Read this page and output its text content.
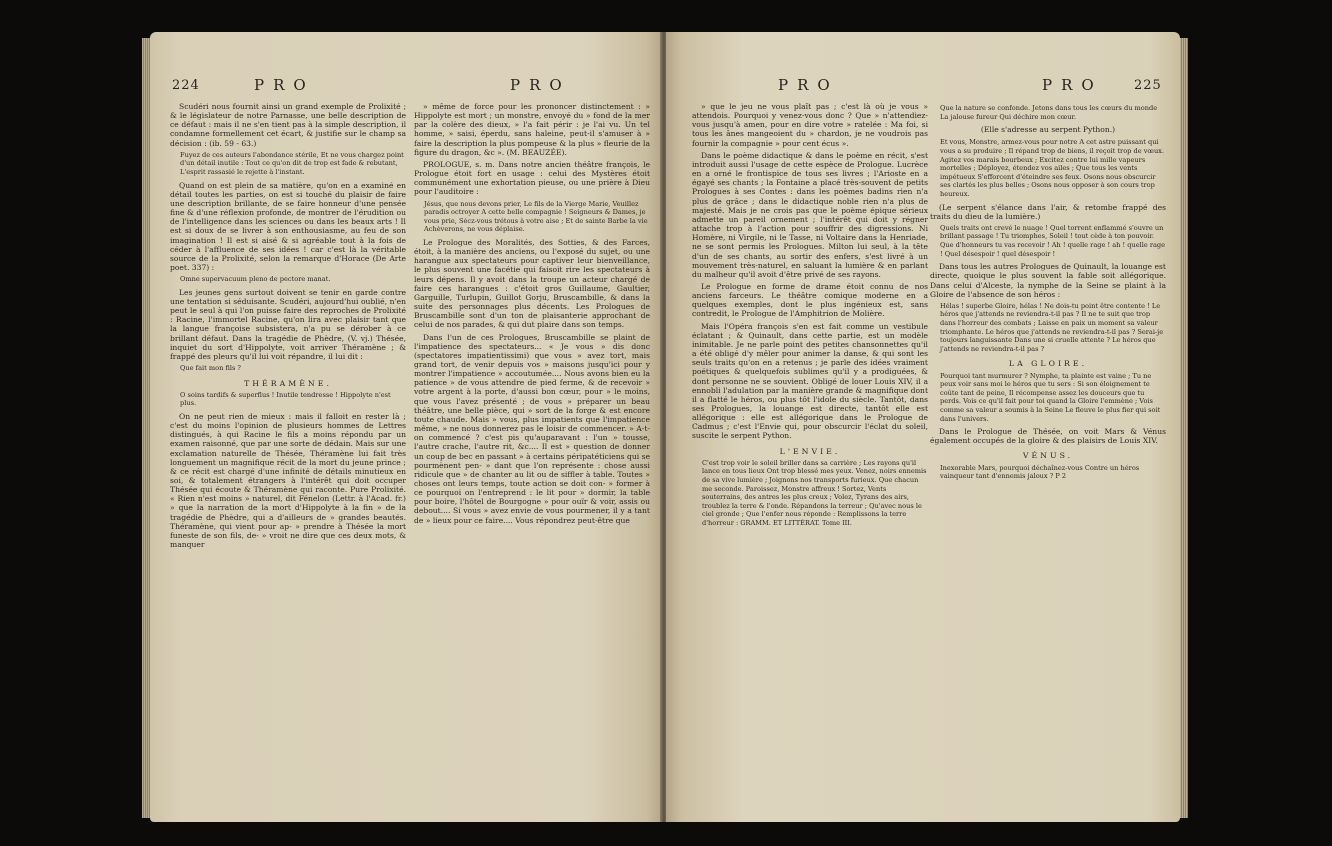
224	PRO	PRO

Scudéri nous fournit ainsi un grand exemple de Prolixité ; & le législateur de notre Parnasse, une belle description de ce défaut : mais il ne s'en tient pas à la simple description, il condamne formellement cet écart, & justifie sur le champ sa décision : (ib. 59 - 63.)

Fuyez de ces auteurs l'abondance stérile, Et ne vous chargez point d'un détail inutile : Tout ce qu'on dit de trop est fade & rebutant, L'esprit rassasié le rejette à l'instant.

Quand on est plein de sa matière, qu'on en a examiné en détail toutes les parties, on est si touché du plaisir de faire une description brillante, de se faire honneur d'une pensée fine & d'une réflexion profonde, de montrer de l'érudition ou de l'intelligence dans les sciences ou dans les beaux arts ! Il est si doux de se livrer à son enthousiasme, au feu de son imagination ! Il est si aisé & si agréable tout à la fois de céder à l'affluence de ses idées ! car c'est là la véritable source de la Prolixité, selon la remarque d'Horace (De Arte poet. 337) :

Omne supervacuum pleno de pectore manat.

Les jeunes gens surtout doivent se tenir en garde contre une tentation si séduisante. Scudéri, aujourd'hui oublié, n'en peut le seul à qui l'on puisse faire des reproches de Prolixité : Racine, l'immortel Racine, qu'on lira avec plaisir tant que la langue françoise subsistera, n'a pu se dérober à ce brillant défaut. Dans la tragédie de Phèdre, (V. vj.) Thésée, inquiet du sort d'Hippolyte, voit arriver Théramène ; & frappé des pleurs qu'il lui voit répandre, il lui dit :

Que fait mon fils ?
THÉRAMÈNE.
O soins tardifs & superflus ! Inutile tendresse ! Hippolyte n'est plus.

On ne peut rien de mieux : mais il falloit en rester là ; c'est du moins l'opinion de plusieurs hommes de Lettres distingués, à qui Racine le fils a moins répondu par un examen raisonné, que par une sorte de dédain. Mais sur une exclamation naturelle de Thésée, Théramène lui fait très longuement un magnifique récit de la mort du jeune prince ; & ce récit est chargé d'une infinité de détails minutieux en soi, & totalement étrangers à l'intérêt qui doit occuper Thésée qui écoute & Théramène qui raconte. Pure Prolixité. « Rien n'est moins » naturel, dit Fénelon (Lettr. à l'Acad. fr.) » que la narration de la mort d'Hippolyte à la fin » de la tragédie de Phèdre, qui a d'ailleurs de » grandes beautés. Théramène, qui vient pour ap- » prendre à Thésée la mort funeste de son fils, de- » vroit ne dire que ces deux mots, & manquer

» même de force pour les prononcer distinctement : » Hippolyte est mort ; un monstre, envoyé du » fond de la mer par la colère des dieux, » l'a fait périr : je l'ai vu. Un tel homme, » saisi, éperdu, sans haleine, peut-il s'amuser à » faire la description la plus pompeuse & la plus » fleurie de la figure du dragon, &c ». (M. BEAUZÉE).

PROLOGUE, s. m. Dans notre ancien théâtre françois, le Prologue étoit fort en usage : celui des Mystères étoit communément une exhortation pieuse, ou une prière à Dieu pour l'auditoire :

Jésus, que nous devons prier, Le fils de la Vierge Marie, Veuillez paradis octroyer A cette belle compagnie ! Seigneurs & Dames, je vous prie, Sécz-vous trétous à votre aise ; Et de sainte Barbe la vie Achèverons, ne vous déplaise.

Le Prologue des Moralités, des Sotties, & des Farces, étoit, à la manière des anciens, ou l'exposé du sujet, ou une harangue aux spectateurs pour captiver leur bienveillance, le plus souvent une facétie qui faisoit rire les spectateurs à leurs dépens. Il y avoit dans la troupe un acteur chargé de faire ces harangues : c'étoit gros Guillaume, Gaultier, Garguille, Turlupin, Guillot Gorju, Bruscambille, & dans la suite des personnages plus décents. Les Prologues de Bruscambille sont d'un ton de plaisanterie approchant de celui de nos parades, & qui dut plaire dans son temps.

Dans l'un de ces Prologues, Bruscambille se plaint de l'impatience des spectateurs... « Je vous » dis donc (spectatores impatientissimi) que vous » avez tort, mais grand tort, de venir depuis vos » maisons jusqu'ici pour y montrer l'impatience » accoutumée.... Nous avons bien eu la patience » de vous attendre de pied ferme, & de recevoir » votre argent à la porte, d'aussi bon cœur, pour » le moins, que vous l'avez présenté ; de vous » préparer un beau théâtre, une belle pièce, qui » sort de la forge & est encore toute chaude. Mais » vous, plus impatients que l'impatience même, » ne nous donnerez pas le loisir de commencer. » A-t-on commencé ? c'est pis qu'auparavant : l'un » tousse, l'autre crache, l'autre rit, &c.... Il est » question de donner un coup de bec en passant » à certains péripatéticiens qui se pourmènent pen- » dant que l'on représente : chose aussi ridicule que » de chanter au lit ou de siffler à table. Toutes » choses ont leurs temps, toute action se doit con- » former à ce pourquoi on l'entreprend : le lit pour » dormir, la table pour boire, l'hôtel de Bourgogne » pour ouïr & voir, assis ou debout.... Si vous » avez envie de vous pourmener, il y a tant de » lieux pour ce faire.... Vous répondrez peut-être que

PRO	PRO 225

» que le jeu ne vous plaît pas ; c'est là où je vous » attendois. Pourquoi y venez-vous donc ? Que » n'attendiez-vous jusqu'à amen, pour en dire votre » ratelée : Ma foi, si tous les ânes mangeoient du » chardon, je ne voudrois pas fournir la compagnie » pour cent écus ».

Dans le poème didactique & dans le poème en récit, s'est introduit aussi l'usage de cette espèce de Prologue. Lucrèce en a orné le frontispice de tous ses livres ; l'Arioste en a égayé ses chants ; la Fontaine a placé très-souvent de petits Prologues à ses Contes : dans les poèmes badins rien n'a plus de grâce ; dans le didactique noble rien n'a plus de majesté. Mais je ne crois pas que le poème épique sérieux admette un pareil ornement ; l'intérêt qui doit y régner attache trop à l'action pour souffrir des digressions. Ni Homère, ni Virgile, ni le Tasse, ni Voltaire dans la Henriade, ne se sont permis les Prologues. Milton lui seul, à la tête d'un de ses chants, au sortir des enfers, s'est livré à un mouvement très-naturel, en saluant la lumière & en parlant du malheur qu'il avoit d'être privé de ses rayons.

Le Prologue en forme de drame étoit connu de nos anciens farceurs. Le théâtre comique moderne en a quelques exemples, dont le plus ingénieux est, sans contredit, le Prologue de l'Amphitrion de Molière.

Mais l'Opéra françois s'en est fait comme un vestibule éclatant ; & Quinault, dans cette partie, est un modèle inimitable. Je ne parle point des petites chansonnettes qu'il a été obligé d'y mêler pour animer la danse, & qui sont les seuls traits qu'on en a retenus ; je parle des idées vraiment poétiques & quelquefois sublimes qu'il y a prodiguées, & dont personne ne se souvient. Obligé de louer Louis XIV, il a ennobli l'adulation par la manière grande & magnifique dont il a flatté le héros, ou plus tôt l'idole du siècle. Tantôt, dans ses Prologues, la louange est directe, tantôt elle est allégorique : elle est allégorique dans le Prologue de Cadmus ; c'est l'Envie qui, pour obscurcir l'éclat du soleil, suscite le serpent Python.

L'ENVIE.
C'est trop voir le soleil briller dans sa carrière ; Les rayons qu'il lance en tous lieux Ont trop blessé mes yeux. Venez, noirs ennemis de sa vive lumière ; Joignons nos transports furieux. Que chacun me seconde. Paroissez, Monstre affreux ! Sortez, Vents souterrains, des antres les plus creux ; Volez, Tyrans des airs, troublez la terre & l'onde. Répandons la terreur ; Qu'avec nous le ciel gronde ; Que l'enfer nous réponde : Remplissons la terre d'horreur : GRAMM. ET LITTÉRAT. Tome III.
Que la nature se confonde. Jetons dans tous les cœurs du monde La jalouse fureur Qui déchire mon cœur.
(Elle s'adresse au serpent Python.)
Et vous, Monstre, armez-vous pour notre A cet astre puissant qui vous a su produire ; Il répand trop de biens, il reçoit trop de vœux. Agitez vos marais bourbeux ; Excitez contre lui mille vapeurs mortelles ; Déployez, étendez vos ailes ; Que tous les vents impétueux S'efforcent d'éteindre ses feux. Osons nous obscurcir ses clartés les plus belles ; Osons nous opposer à son cours trop heureux.

(Le serpent s'élance dans l'air, & retombe frappé des traits du dieu de la lumière.)

Quels traits ont crevé le nuage ! Quel torrent enflammé s'ouvre un brillant passage ! Tu triomphes, Soleil ! tout cède à ton pouvoir. Que d'honneurs tu vas recevoir ! Ah ! quelle rage ! ah ! quelle rage ! Quel désespoir ! quel désespoir !

Dans tous les autres Prologues de Quinault, la louange est directe, quoique le plus souvent la fable soit allégorique. Dans celui d'Alceste, la nymphe de la Seine se plaint à la Gloire de l'absence de son héros :

Hélas ! superbe Gloire, hélas ! Ne dois-tu point être contente ! Le héros que j'attends ne reviendra-t-il pas ? Il ne te suit que trop dans l'horreur des combats ; Laisse en paix un moment sa valeur triomphante. Le héros que j'attends ne reviendra-t-il pas ? Serai-je toujours languissante Dans une si cruelle attente ? Le héros que j'attends ne reviendra-t-il pas ?
LA GLOIRE.
Pourquoi tant murmurer ? Nymphe, ta plainte est vaine ; Tu ne peux voir sans moi le héros que tu sers : Si son éloignement te coûte tant de peine, Il récompense assez les douceurs que tu perds. Vois ce qu'il fait pour toi quand la Gloire l'emmène ; Vois comme sa valeur a soumis à la Seine Le fleuve le plus fier qui soit dans l'univers.

Dans le Prologue de Thésée, on voit Mars & Vénus également occupés de la gloire & des plaisirs de Louis XIV.

VÉNUS.
Inexorable Mars, pourquoi déchaînez-vous Contre un héros vainqueur tant d'ennemis jaloux ? P 2
